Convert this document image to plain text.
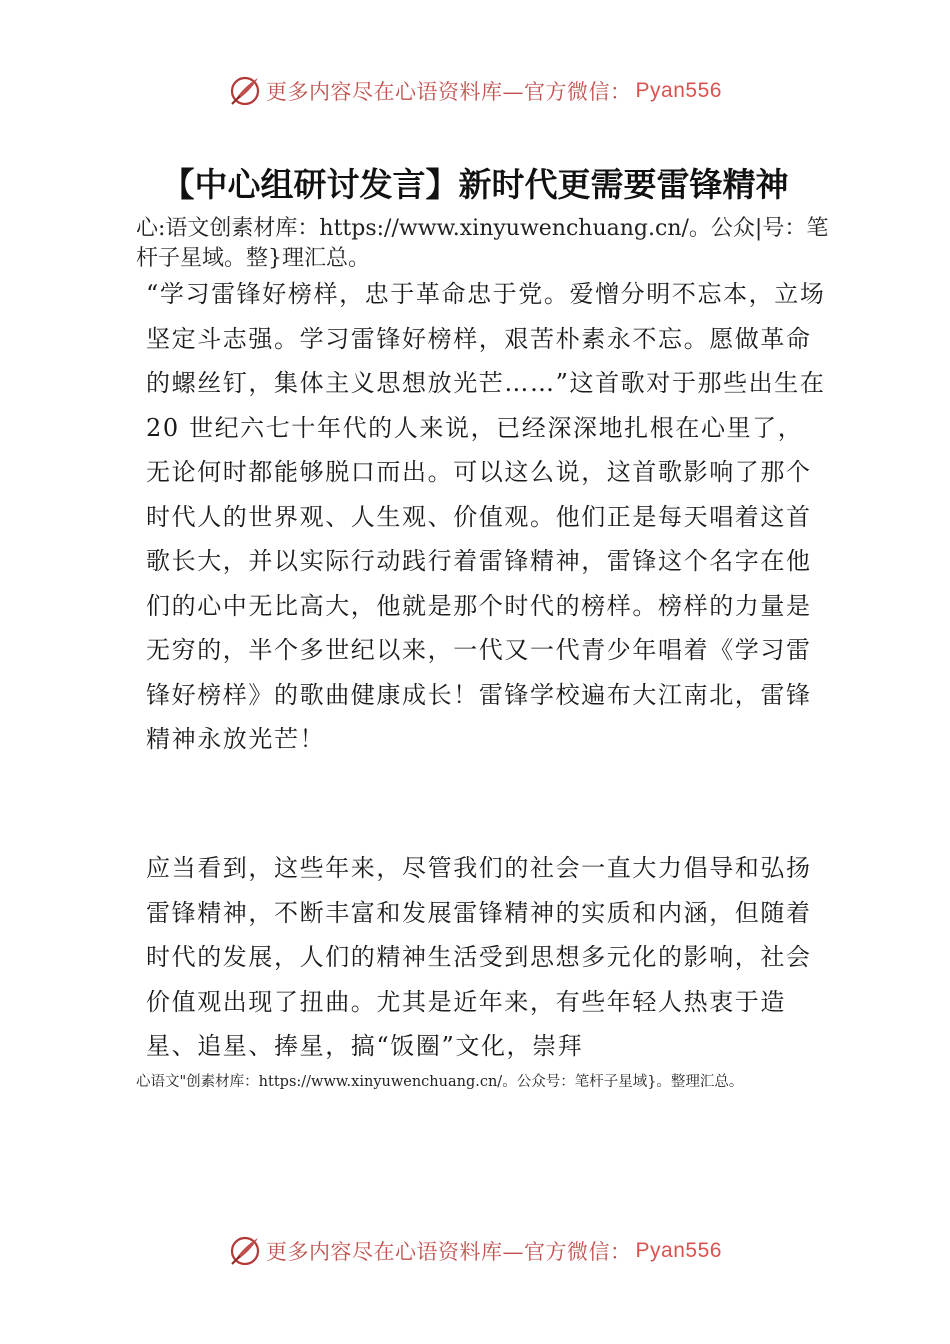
更多内容尽在心语资料库—官方微信： Pyan556
【中心组研讨发言】新时代更需要雷锋精神

心:语文创素材库：https://www.xinyuwenchuang.cn/。公众|号：笔杆子星域。整}理汇总。

“学习雷锋好榜样，忠于革命忠于党。爱憎分明不忘本，立场坚定斗志强。学习雷锋好榜样，艰苦朴素永不忘。愿做革命的螺丝钉，集体主义思想放光芒……”这首歌对于那些出生在 20 世纪六七十年代的人来说，已经深深地扎根在心里了，无论何时都能够脱口而出。可以这么说，这首歌影响了那个时代人的世界观、人生观、价值观。他们正是每天唱着这首歌长大，并以实际行动践行着雷锋精神，雷锋这个名字在他们的心中无比高大，他就是那个时代的榜样。榜样的力量是无穷的，半个多世纪以来，一代又一代青少年唱着《学习雷锋好榜样》的歌曲健康成长！雷锋学校遍布大江南北，雷锋精神永放光芒！

应当看到，这些年来，尽管我们的社会一直大力倡导和弘扬雷锋精神，不断丰富和发展雷锋精神的实质和内涵，但随着时代的发展，人们的精神生活受到思想多元化的影响，社会价值观出现了扭曲。尤其是近年来，有些年轻人热衷于造星、追星、捧星，搞“饭圈”文化，崇拜

心语文"创素材库：https://www.xinyuwenchuang.cn/。公众号：笔杆子星域}。整理汇总。

更多内容尽在心语资料库—官方微信： Pyan556
